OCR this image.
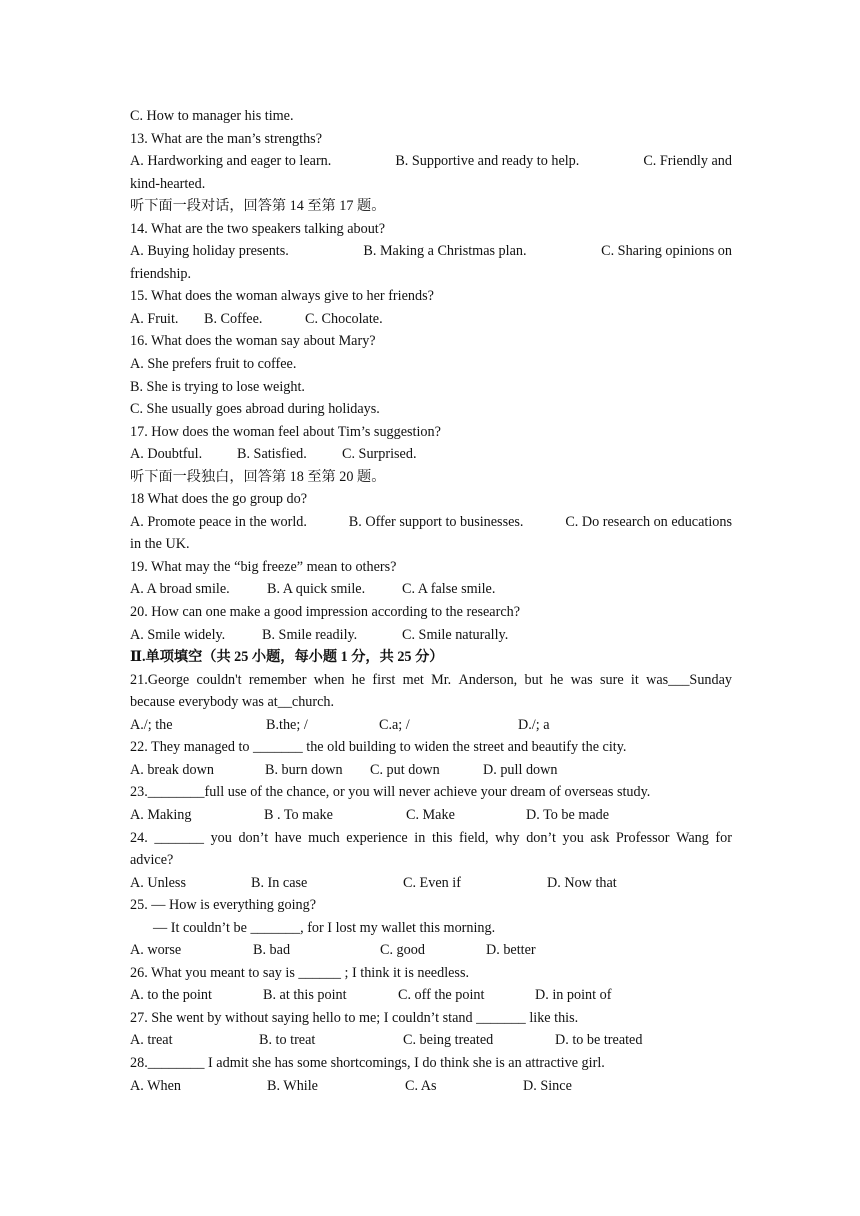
C. How to manager his time.
13. What are the man’s strengths?
A. Hardworking and eager to learn.	B. Supportive and ready to help.	C. Friendly and
kind-hearted.
听下面一段对话，回答第 14 至第 17 题。
14. What are the two speakers talking about?
A. Buying holiday presents.	B. Making a Christmas plan.	C. Sharing opinions on
friendship.
15. What does the woman always give to her friends?

A. Fruit.

B. Coffee.

	C. Chocolate.

16. What does the woman say about Mary?
A. She prefers fruit to coffee.
B. She is trying to lose weight.
C. She usually goes abroad during holidays.
17. How does the woman feel about Tim’s suggestion?

A. Doubtful.

B. Satisfied.

C. Surprised.

听下面一段独白，回答第 18 至第 20 题。
18 What does the go group do?
A. Promote peace in the world.	B. Offer support to businesses.	C. Do research on educations
in the UK.
19. What may the “big freeze” mean to others?

A. A broad smile.

	B. A quick smile.

	C. A false smile.

20. How can one make a good impression according to the research?

A. Smile widely.

	B. Smile readily.

	C. Smile naturally.

Ⅱ.单项填空（共 25 小题，每小题 1 分，共 25 分）
21.George couldn't remember when he first met Mr. Anderson, but he was sure it was___Sunday
because everybody was at__church.

A./; the

	B.the; /

	C.a; /

	D./; a

22. They managed to _______ the old building to widen the street and beautify the city.

A. break down

	B. burn down

C. put down

	D. pull down

23.________full use of the chance, or you will never achieve your dream of overseas study.

A. Making

	B . To make

	C. Make

	D. To be made

24. _______ you don’t have much experience in this field, why don’t you ask Professor Wang for
advice?

A. Unless

	B. In case

	C. Even if

	D. Now that

25. — How is everything going?
— It couldn’t be _______, for I lost my wallet this morning.

A. worse

	B. bad

	C. good

	D. better

26. What you meant to say is ______ ; I think it is needless.

A. to the point

	B. at this point

	C. off the point

	D. in point of

27. She went by without saying hello to me; I couldn’t stand _______ like this.

A. treat

	B. to treat

	C. being treated

	D. to be treated

28.________ I admit she has some shortcomings, I do think she is an attractive girl.

A. When

	B. While

	C. As

	D. Since
